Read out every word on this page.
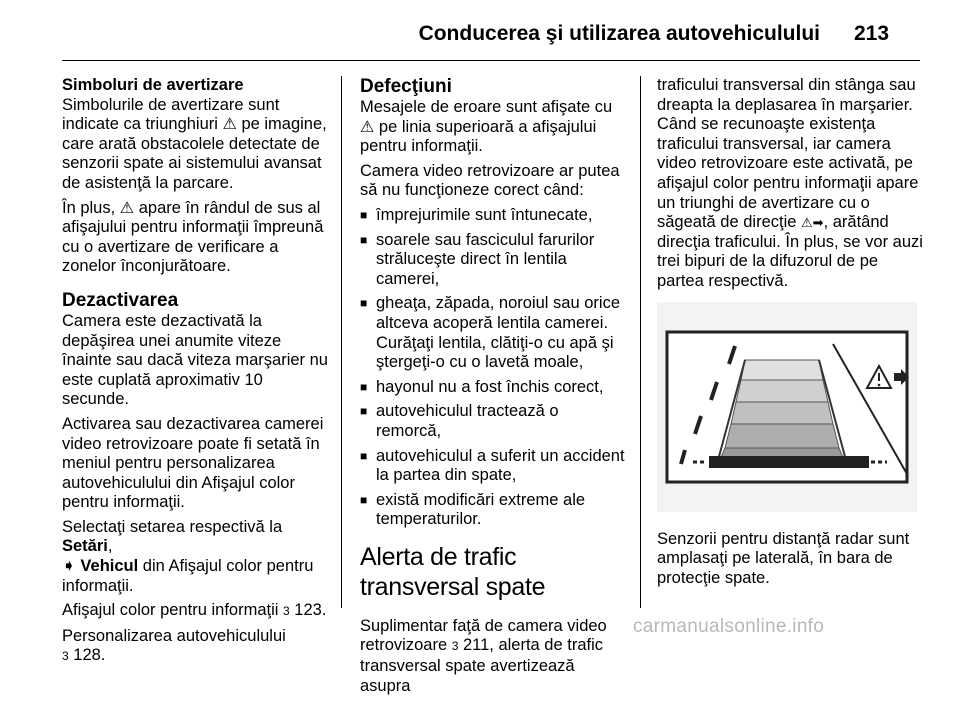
Conducerea şi utilizarea autovehiculului 213
Simboluri de avertizare

Simbolurile de avertizare sunt indicate ca triunghiuri ⚠ pe imagine, care arată obstacolele detectate de senzorii spate ai sistemului avansat de asistenţă la parcare.

În plus, ⚠ apare în rândul de sus al afişajului pentru informaţii împreună cu o avertizare de verificare a zonelor înconjurătoare.

Dezactivarea

Camera este dezactivată la depăşirea unei anumite viteze înainte sau dacă viteza marşarier nu este cuplată aproximativ 10 secunde.

Activarea sau dezactivarea camerei video retrovizoare poate fi setată în meniul pentru personalizarea autovehiculului din Afişajul color pentru informaţii.

Selectaţi setarea respectivă la Setări,
➧ Vehicul din Afişajul color pentru informaţii.

Afişajul color pentru informaţii 3 123.

Personalizarea autovehiculului
3 128.

Defecţiuni

Mesajele de eroare sunt afişate cu
⚠ pe linia superioară a afişajului pentru informaţii.

Camera video retrovizoare ar putea să nu funcţioneze corect când:

■ împrejurimile sunt întunecate,
■ soarele sau fasciculul farurilor străluceşte direct în lentila camerei,
■ gheaţa, zăpada, noroiul sau orice altceva acoperă lentila camerei. Curăţaţi lentila, clătiţi-o cu apă şi ştergeţi-o cu o lavetă moale,
■ hayonul nu a fost închis corect,
■ autovehiculul tractează o remorcă,
■ autovehiculul a suferit un accident la partea din spate,
■ există modificări extreme ale temperaturilor.
Alerta de trafic transversal spate

Suplimentar faţă de camera video retrovizoare 3 211, alerta de trafic transversal spate avertizează asupra

traficului transversal din stânga sau dreapta la deplasarea în marşarier. Când se recunoaşte existenţa traficului transversal, iar camera video retrovizoare este activată, pe afişajul color pentru informaţii apare un triunghi de avertizare cu o săgeată de direcţie ⚠➡, arătând direcţia traficului. În plus, se vor auzi trei bipuri de la difuzorul de pe partea respectivă.

Senzorii pentru distanţă radar sunt amplasaţi pe laterală, în bara de protecţie spate.

carmanualsonline.info
